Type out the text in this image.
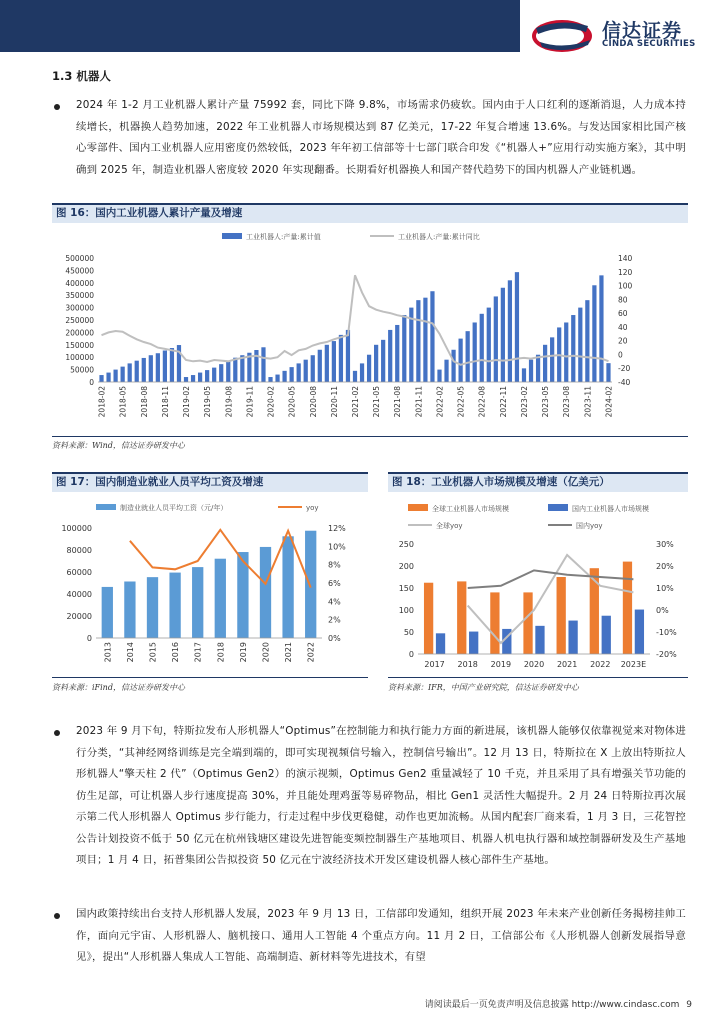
信达证券
CINDA SECURITIES
1.3 机器人
2024 年 1-2 月工业机器人累计产量 75992 套，同比下降 9.8%，市场需求仍疲软。国内由于人口红利的逐渐消退，人力成本持续增长，机器换人趋势加速，2022 年工业机器人市场规模达到 87 亿美元，17-22 年复合增速 13.6%。与发达国家相比国产核心零部件、国内工业机器人应用密度仍然较低，2023 年年初工信部等十七部门联合印发《“机器人+”应用行动实施方案》，其中明确到 2025 年，制造业机器人密度较 2020 年实现翻番。长期看好机器换人和国产替代趋势下的国内机器人产业链机遇。
图 16：国内工业机器人累计产量及增速
工业机器人:产量:累计值	工业机器人:产量:累计同比
0
50000
100000
150000
200000
250000
300000
350000
400000
450000
500000
-40
-20
0
20
40
60
80
100
120
140
2018-02 2018-05 2018-08 2018-11 2019-02 2019-05 2019-08 2019-11 2020-02 2020-05 2020-08 2020-11 2021-02 2021-05 2021-08 2021-11 2022-02 2022-05 2022-08 2022-11 2023-02 2023-05 2023-08 2023-11 2024-02
资料来源：Wind，信达证券研发中心
图 17：国内制造业就业人员平均工资及增速
制造业就业人员平均工资（元/年）	yoy
0
20000
40000
60000
80000
100000
0%
2%
4%
6%
8%
10%
12%
2013 2014 2015 2016 2017 2018 2019 2020 2021 2022
资料来源：iFind，信达证券研发中心
图 18：工业机器人市场规模及增速（亿美元）
全球工业机器人市场规模	国内工业机器人市场规模
全球yoy	国内yoy
0
50
100
150
200
250
-20%
-10%
0%
10%
20%
30%
2017 2018 2019 2020 2021 2022 2023E
资料来源：IFR，中国产业研究院，信达证券研发中心
2023 年 9 月下旬，特斯拉发布人形机器人“Optimus”在控制能力和执行能力方面的新进展，该机器人能够仅依靠视觉来对物体进行分类，“其神经网络训练是完全端到端的，即可实现视频信号输入，控制信号输出”。12 月 13 日，特斯拉在 X 上放出特斯拉人形机器人“擎天柱 2 代”（Optimus Gen2）的演示视频，Optimus Gen2 重量减轻了 10 千克，并且采用了具有增强关节功能的仿生足部，可让机器人步行速度提高 30%，并且能处理鸡蛋等易碎物品，相比 Gen1 灵活性大幅提升。2 月 24 日特斯拉再次展示第二代人形机器人 Optimus 步行能力，行走过程中步伐更稳健，动作也更加流畅。从国内配套厂商来看，1 月 3 日，三花智控公告计划投资不低于 50 亿元在杭州钱塘区建设先进智能变频控制器生产基地项目、机器人机电执行器和域控制器研发及生产基地项目；1 月 4 日，拓普集团公告拟投资 50 亿元在宁波经济技术开发区建设机器人核心部件生产基地。
国内政策持续出台支持人形机器人发展，2023 年 9 月 13 日，工信部印发通知，组织开展 2023 年未来产业创新任务揭榜挂帅工作，面向元宇宙、人形机器人、脑机接口、通用人工智能 4 个重点方向。11 月 2 日，工信部公布《人形机器人创新发展指导意见》，提出“人形机器人集成人工智能、高端制造、新材料等先进技术，有望
请阅读最后一页免责声明及信息披露 http://www.cindasc.com 9
